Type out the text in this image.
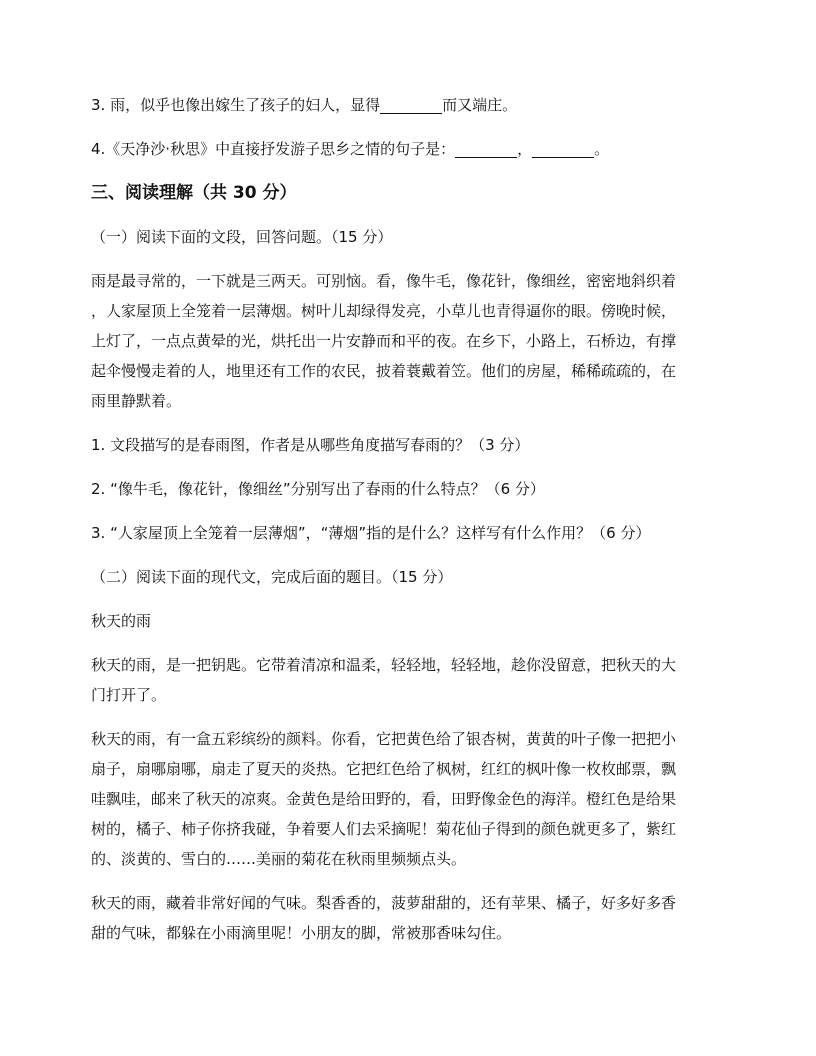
3. 雨，似乎也像出嫁生了孩子的妇人，显得	而又端庄。

4.《天净沙·秋思》中直接抒发游子思乡之情的句子是：	，	。

三、阅读理解（共 30 分）

（一）阅读下面的文段，回答问题。（15 分）

雨是最寻常的，一下就是三两天。可别恼。看，像牛毛，像花针，像细丝，密密地斜织着

，人家屋顶上全笼着一层薄烟。树叶儿却绿得发亮，小草儿也青得逼你的眼。傍晚时候，

上灯了，一点点黄晕的光，烘托出一片安静而和平的夜。在乡下，小路上，石桥边，有撑

起伞慢慢走着的人，地里还有工作的农民，披着蓑戴着笠。他们的房屋，稀稀疏疏的，在

雨里静默着。

1. 文段描写的是春雨图，作者是从哪些角度描写春雨的？（3 分）

2. “像牛毛，像花针，像细丝”分别写出了春雨的什么特点？（6 分）

3. “人家屋顶上全笼着一层薄烟”，“薄烟”指的是什么？这样写有什么作用？（6 分）

（二）阅读下面的现代文，完成后面的题目。（15 分）

秋天的雨

秋天的雨，是一把钥匙。它带着清凉和温柔，轻轻地，轻轻地，趁你没留意，把秋天的大

门打开了。

秋天的雨，有一盒五彩缤纷的颜料。你看，它把黄色给了银杏树，黄黄的叶子像一把把小

扇子，扇哪扇哪，扇走了夏天的炎热。它把红色给了枫树，红红的枫叶像一枚枚邮票，飘

哇飘哇，邮来了秋天的凉爽。金黄色是给田野的，看，田野像金色的海洋。橙红色是给果

树的，橘子、柿子你挤我碰，争着要人们去采摘呢！菊花仙子得到的颜色就更多了，紫红

的、淡黄的、雪白的……美丽的菊花在秋雨里频频点头。

秋天的雨，藏着非常好闻的气味。梨香香的，菠萝甜甜的，还有苹果、橘子，好多好多香

甜的气味，都躲在小雨滴里呢！小朋友的脚，常被那香味勾住。
